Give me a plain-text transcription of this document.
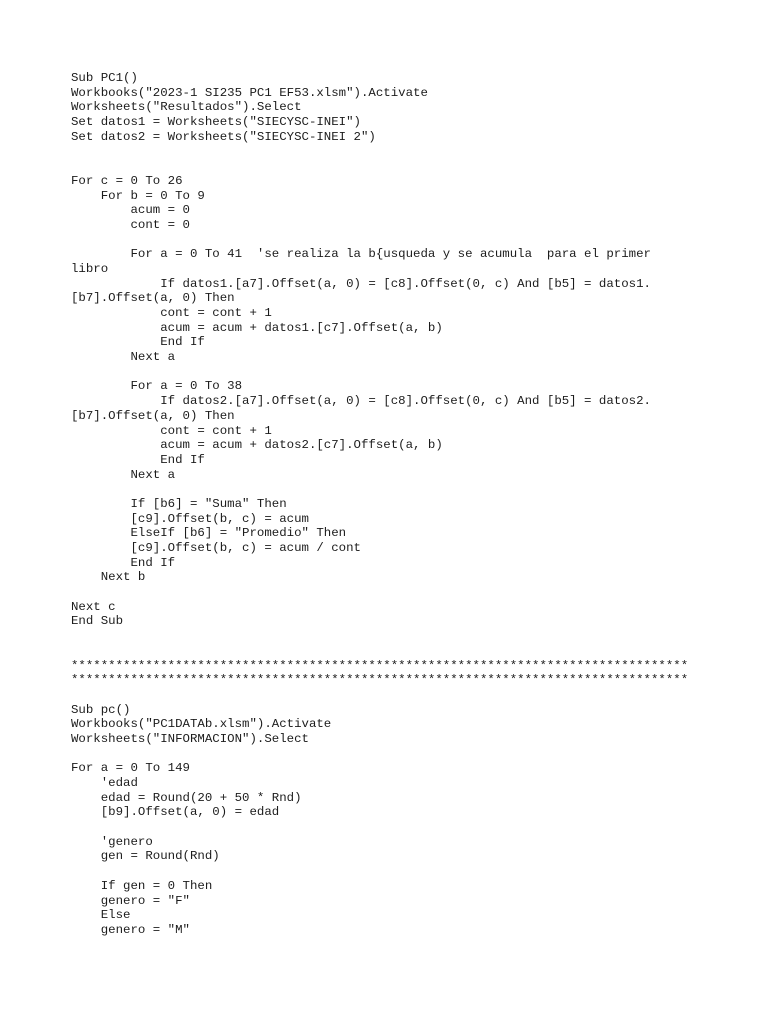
Sub PC1()
Workbooks("2023-1 SI235 PC1 EF53.xlsm").Activate
Worksheets("Resultados").Select
Set datos1 = Worksheets("SIECYSC-INEI")
Set datos2 = Worksheets("SIECYSC-INEI 2")
For c = 0 To 26
For b = 0 To 9
acum = 0
cont = 0
For a = 0 To 41  'se realiza la b{usqueda y se acumula  para el primer
libro
If datos1.[a7].Offset(a, 0) = [c8].Offset(0, c) And [b5] = datos1.
[b7].Offset(a, 0) Then
cont = cont + 1
acum = acum + datos1.[c7].Offset(a, b)
End If
Next a
For a = 0 To 38
If datos2.[a7].Offset(a, 0) = [c8].Offset(0, c) And [b5] = datos2.
[b7].Offset(a, 0) Then
cont = cont + 1
acum = acum + datos2.[c7].Offset(a, b)
End If
Next a
If [b6] = "Suma" Then
[c9].Offset(b, c) = acum
ElseIf [b6] = "Promedio" Then
[c9].Offset(b, c) = acum / cont
End If
Next b
Next c
End Sub
***********************************************************************************
***********************************************************************************
Sub pc()
Workbooks("PC1DATAb.xlsm").Activate
Worksheets("INFORMACION").Select
For a = 0 To 149
'edad
edad = Round(20 + 50 * Rnd)
[b9].Offset(a, 0) = edad
'genero
gen = Round(Rnd)
If gen = 0 Then
genero = "F"
Else
genero = "M"
